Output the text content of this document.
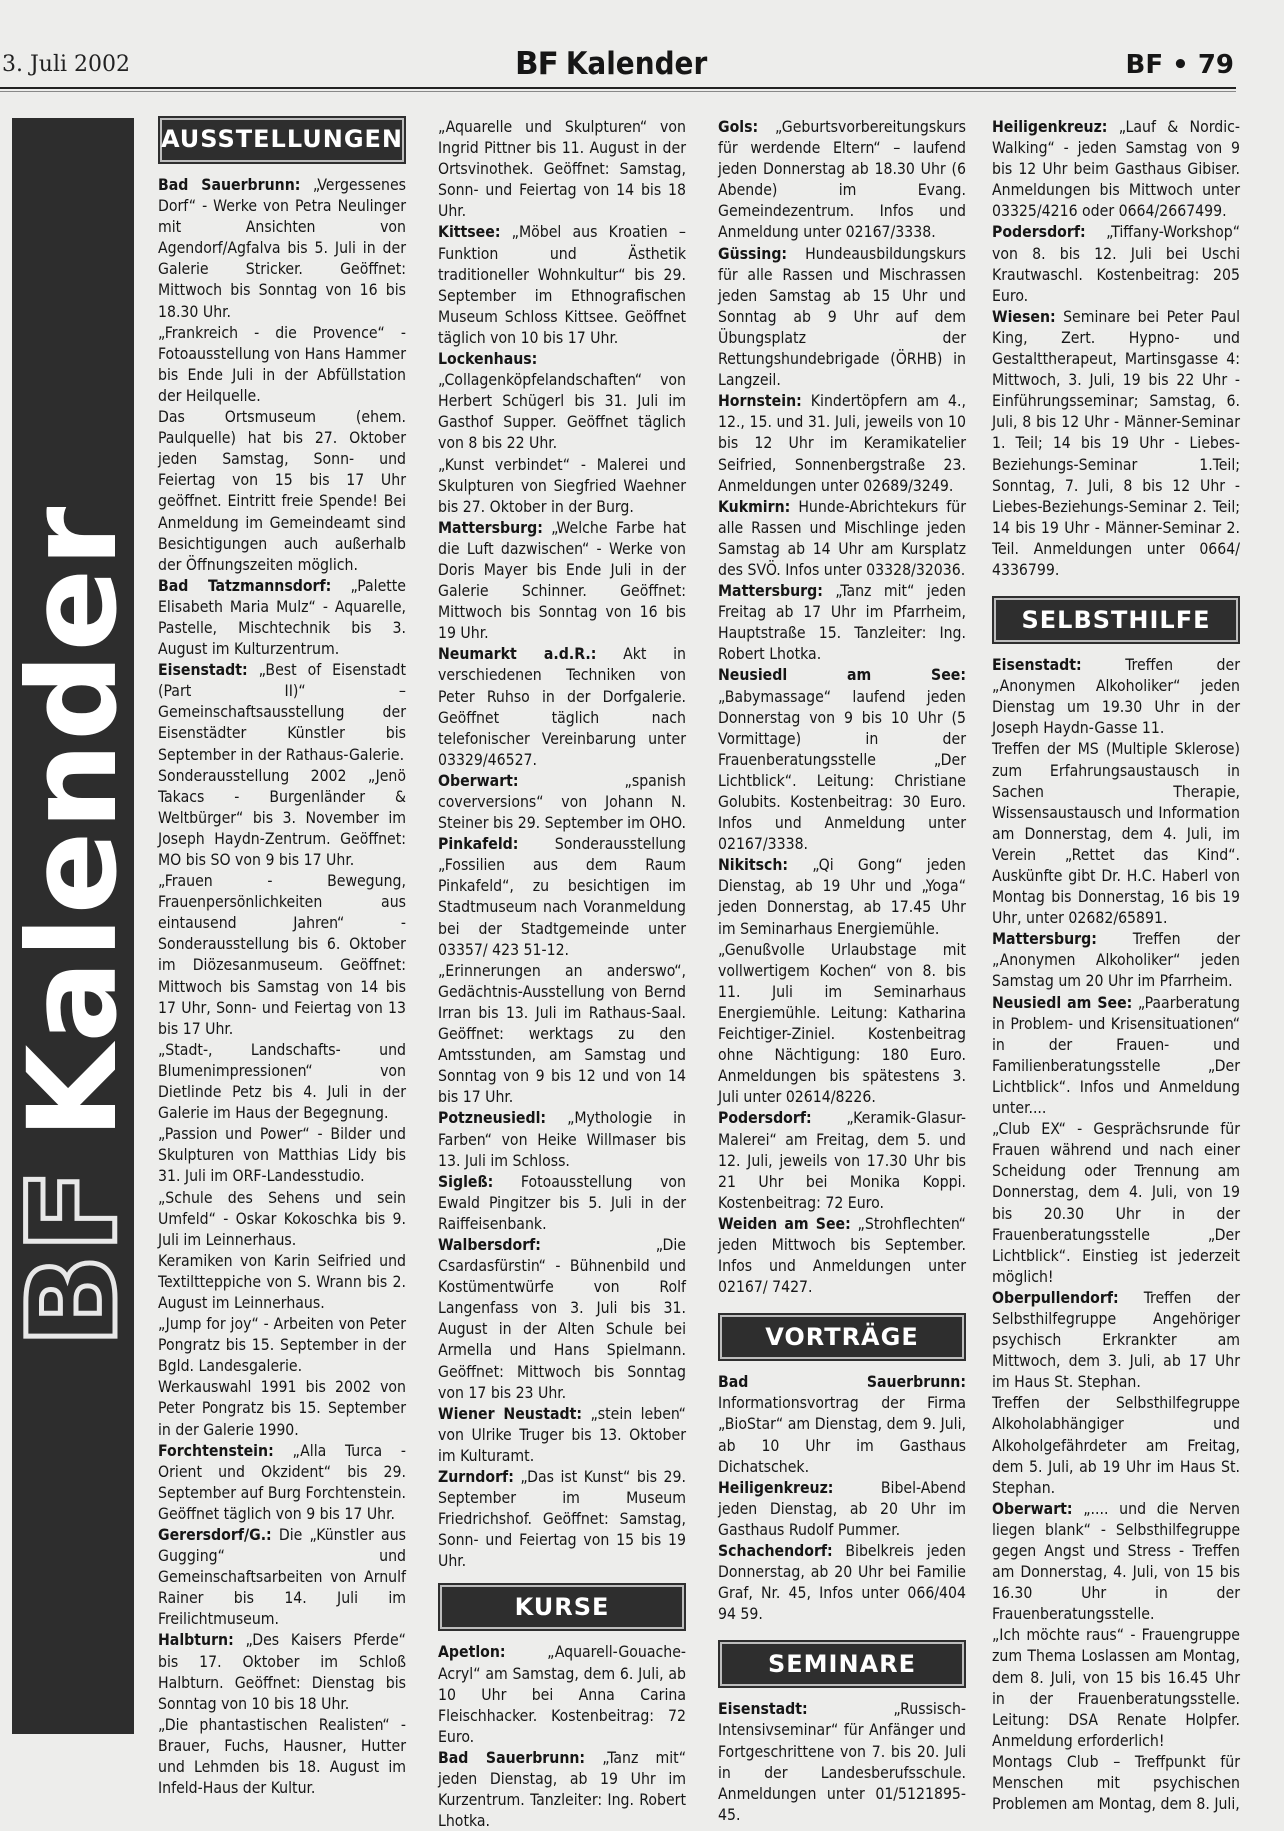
3. Juli 2002	BF Kalender	BF • 79
BFKalender
AUSSTELLUNGEN

Bad Sauerbrunn: „Vergessenes Dorf“ - Werke von Petra Neulinger mit Ansichten von Agendorf/Agfalva bis 5. Juli in der Galerie Stricker. Geöffnet: Mittwoch bis Sonntag von 16 bis 18.30 Uhr.

„Frankreich - die Provence“ - Fotoausstellung von Hans Hammer bis Ende Juli in der Abfüllstation der Heilquelle.

Das Ortsmuseum (ehem. Paulquelle) hat bis 27. Oktober jeden Samstag, Sonn- und Feiertag von 15 bis 17 Uhr geöffnet. Eintritt freie Spende! Bei Anmeldung im Gemeindeamt sind Besichtigungen auch außerhalb der Öffnungszeiten möglich.

Bad Tatzmannsdorf: „Palette Elisabeth Maria Mulz“ - Aquarelle, Pastelle, Mischtechnik bis 3. August im Kulturzentrum.

Eisenstadt: „Best of Eisenstadt (Part II)“ – Gemeinschaftsausstellung der Eisenstädter Künstler bis September in der Rathaus-Galerie.

Sonderausstellung 2002 „Jenö Takacs - Burgenländer & Weltbürger“ bis 3. November im Joseph Haydn-Zentrum. Geöffnet: MO bis SO von 9 bis 17 Uhr.

„Frauen - Bewegung, Frauenpersönlichkeiten aus eintausend Jahren“ - Sonderausstellung bis 6. Oktober im Diözesanmuseum. Geöffnet: Mittwoch bis Samstag von 14 bis 17 Uhr, Sonn- und Feiertag von 13 bis 17 Uhr.

„Stadt-, Landschafts- und Blumenimpressionen“ von Dietlinde Petz bis 4. Juli in der Galerie im Haus der Begegnung.

„Passion und Power“ - Bilder und Skulpturen von Matthias Lidy bis 31. Juli im ORF-Landesstudio.

„Schule des Sehens und sein Umfeld“ - Oskar Kokoschka bis 9. Juli im Leinnerhaus.

Keramiken von Karin Seifried und Textiltteppiche von S. Wrann bis 2. August im Leinnerhaus.

„Jump for joy“ - Arbeiten von Peter Pongratz bis 15. September in der Bgld. Landesgalerie.

Werkauswahl 1991 bis 2002 von Peter Pongratz bis 15. September in der Galerie 1990.

Forchtenstein: „Alla Turca - Orient und Okzident“ bis 29. September auf Burg Forchtenstein. Geöffnet täglich von 9 bis 17 Uhr.

Gerersdorf/G.: Die „Künstler aus Gugging“ und Gemeinschaftsarbeiten von Arnulf Rainer bis 14. Juli im Freilichtmuseum.

Halbturn: „Des Kaisers Pferde“ bis 17. Oktober im Schloß Halbturn. Geöffnet: Dienstag bis Sonntag von 10 bis 18 Uhr.

„Die phantastischen Realisten“ - Brauer, Fuchs, Hausner, Hutter und Lehmden bis 18. August im Infeld-Haus der Kultur.

„Aquarelle und Skulpturen“ von Ingrid Pittner bis 11. August in der Ortsvinothek. Geöffnet: Samstag, Sonn- und Feiertag von 14 bis 18 Uhr.

Kittsee: „Möbel aus Kroatien – Funktion und Ästhetik traditioneller Wohnkultur“ bis 29. September im Ethnografischen Museum Schloss Kittsee. Geöffnet täglich von 10 bis 17 Uhr.

Lockenhaus: „Collagenköpfelandschaften“ von Herbert Schügerl bis 31. Juli im Gasthof Supper. Geöffnet täglich von 8 bis 22 Uhr.

„Kunst verbindet“ - Malerei und Skulpturen von Siegfried Waehner bis 27. Oktober in der Burg.

Mattersburg: „Welche Farbe hat die Luft dazwischen“ - Werke von Doris Mayer bis Ende Juli in der Galerie Schinner. Geöffnet: Mittwoch bis Sonntag von 16 bis 19 Uhr.

Neumarkt a.d.R.: Akt in verschiedenen Techniken von Peter Ruhso in der Dorfgalerie. Geöffnet täglich nach telefonischer Vereinbarung unter 03329/46527.

Oberwart: „spanish coverversions“ von Johann N. Steiner bis 29. September im OHO.

Pinkafeld: Sonderausstellung „Fossilien aus dem Raum Pinkafeld“, zu besichtigen im Stadtmuseum nach Voranmeldung bei der Stadtgemeinde unter 03357/ 423 51-12.

„Erinnerungen an anderswo“, Gedächtnis-Ausstellung von Bernd Irran bis 13. Juli im Rathaus-Saal. Geöffnet: werktags zu den Amtsstunden, am Samstag und Sonntag von 9 bis 12 und von 14 bis 17 Uhr.

Potzneusiedl: „Mythologie in Farben“ von Heike Willmaser bis 13. Juli im Schloss.

Sigleß: Fotoausstellung von Ewald Pingitzer bis 5. Juli in der Raiffeisenbank.

Walbersdorf: „Die Csardasfürstin“ - Bühnenbild und Kostümentwürfe von Rolf Langenfass von 3. Juli bis 31. August in der Alten Schule bei Armella und Hans Spielmann. Geöffnet: Mittwoch bis Sonntag von 17 bis 23 Uhr.

Wiener Neustadt: „stein leben“ von Ulrike Truger bis 13. Oktober im Kulturamt.

Zurndorf: „Das ist Kunst“ bis 29. September im Museum Friedrichshof. Geöffnet: Samstag, Sonn- und Feiertag von 15 bis 19 Uhr.

KURSE

Apetlon: „Aquarell-Gouache-Acryl“ am Samstag, dem 6. Juli, ab 10 Uhr bei Anna Carina Fleischhacker. Kostenbeitrag: 72 Euro.

Bad Sauerbrunn: „Tanz mit“ jeden Dienstag, ab 19 Uhr im Kurzentrum. Tanzleiter: Ing. Robert Lhotka.

Gols: „Geburtsvorbereitungskurs für werdende Eltern“ – laufend jeden Donnerstag ab 18.30 Uhr (6 Abende) im Evang. Gemeindezentrum. Infos und Anmeldung unter 02167/3338.

Güssing: Hundeausbildungskurs für alle Rassen und Mischrassen jeden Samstag ab 15 Uhr und Sonntag ab 9 Uhr auf dem Übungsplatz der Rettungshundebrigade (ÖRHB) in Langzeil.

Hornstein: Kindertöpfern am 4., 12., 15. und 31. Juli, jeweils von 10 bis 12 Uhr im Keramikatelier Seifried, Sonnenbergstraße 23. Anmeldungen unter 02689/3249.

Kukmirn: Hunde-Abrichtekurs für alle Rassen und Mischlinge jeden Samstag ab 14 Uhr am Kursplatz des SVÖ. Infos unter 03328/32036.

Mattersburg: „Tanz mit“ jeden Freitag ab 17 Uhr im Pfarrheim, Hauptstraße 15. Tanzleiter: Ing. Robert Lhotka.

Neusiedl am See: „Babymassage“ laufend jeden Donnerstag von 9 bis 10 Uhr (5 Vormittage) in der Frauenberatungsstelle „Der Lichtblick“. Leitung: Christiane Golubits. Kostenbeitrag: 30 Euro. Infos und Anmeldung unter 02167/3338.

Nikitsch: „Qi Gong“ jeden Dienstag, ab 19 Uhr und „Yoga“ jeden Donnerstag, ab 17.45 Uhr im Seminarhaus Energiemühle.

„Genußvolle Urlaubstage mit vollwertigem Kochen“ von 8. bis 11. Juli im Seminarhaus Energiemühle. Leitung: Katharina Feichtiger-Ziniel. Kostenbeitrag ohne Nächtigung: 180 Euro. Anmeldungen bis spätestens 3. Juli unter 02614/8226.

Podersdorf: „Keramik-Glasur-Malerei“ am Freitag, dem 5. und 12. Juli, jeweils von 17.30 Uhr bis 21 Uhr bei Monika Koppi. Kostenbeitrag: 72 Euro.

Weiden am See: „Strohflechten“ jeden Mittwoch bis September. Infos und Anmeldungen unter 02167/ 7427.

VORTRÄGE

Bad Sauerbrunn: Informationsvortrag der Firma „BioStar“ am Dienstag, dem 9. Juli, ab 10 Uhr im Gasthaus Dichatschek.

Heiligenkreuz: Bibel-Abend jeden Dienstag, ab 20 Uhr im Gasthaus Rudolf Pummer.

Schachendorf: Bibelkreis jeden Donnerstag, ab 20 Uhr bei Familie Graf, Nr. 45, Infos unter 066/404 94 59.

SEMINARE

Eisenstadt: „Russisch-Intensivseminar“ für Anfänger und Fortgeschrittene von 7. bis 20. Juli in der Landesberufsschule. Anmeldungen unter 01/5121895-45.

Heiligenkreuz: „Lauf & Nordic-Walking“ - jeden Samstag von 9 bis 12 Uhr beim Gasthaus Gibiser. Anmeldungen bis Mittwoch unter 03325/4216 oder 0664/2667499.

Podersdorf: „Tiffany-Workshop“ von 8. bis 12. Juli bei Uschi Krautwaschl. Kostenbeitrag: 205 Euro.

Wiesen: Seminare bei Peter Paul King, Zert. Hypno- und Gestalttherapeut, Martinsgasse 4: Mittwoch, 3. Juli, 19 bis 22 Uhr - Einführungsseminar; Samstag, 6. Juli, 8 bis 12 Uhr - Männer-Seminar 1. Teil; 14 bis 19 Uhr - Liebes-Beziehungs-Seminar 1.Teil; Sonntag, 7. Juli, 8 bis 12 Uhr - Liebes-Beziehungs-Seminar 2. Teil; 14 bis 19 Uhr - Männer-Seminar 2. Teil. Anmeldungen unter 0664/ 4336799.

SELBSTHILFE

Eisenstadt: Treffen der „Anonymen Alkoholiker“ jeden Dienstag um 19.30 Uhr in der Joseph Haydn-Gasse 11.

Treffen der MS (Multiple Sklerose) zum Erfahrungsaustausch in Sachen Therapie, Wissensaustausch und Information am Donnerstag, dem 4. Juli, im Verein „Rettet das Kind“. Auskünfte gibt Dr. H.C. Haberl von Montag bis Donnerstag, 16 bis 19 Uhr, unter 02682/65891.

Mattersburg: Treffen der „Anonymen Alkoholiker“ jeden Samstag um 20 Uhr im Pfarrheim.

Neusiedl am See: „Paarberatung in Problem- und Krisensituationen“ in der Frauen- und Familienberatungsstelle „Der Lichtblick“. Infos und Anmeldung unter....

„Club EX“ - Gesprächsrunde für Frauen während und nach einer Scheidung oder Trennung am Donnerstag, dem 4. Juli, von 19 bis 20.30 Uhr in der Frauenberatungsstelle „Der Lichtblick“. Einstieg ist jederzeit möglich!

Oberpullendorf: Treffen der Selbsthilfegruppe Angehöriger psychisch Erkrankter am Mittwoch, dem 3. Juli, ab 17 Uhr im Haus St. Stephan.

Treffen der Selbsthilfegruppe Alkoholabhängiger und Alkoholgefährdeter am Freitag, dem 5. Juli, ab 19 Uhr im Haus St. Stephan.

Oberwart: „.... und die Nerven liegen blank“ - Selbsthilfegruppe gegen Angst und Stress - Treffen am Donnerstag, 4. Juli, von 15 bis 16.30 Uhr in der Frauenberatungsstelle.

„Ich möchte raus“ - Frauengruppe zum Thema Loslassen am Montag, dem 8. Juli, von 15 bis 16.45 Uhr in der Frauenberatungsstelle. Leitung: DSA Renate Holpfer. Anmeldung erforderlich!

Montags Club – Treffpunkt für Menschen mit psychischen Problemen am Montag, dem 8. Juli,
